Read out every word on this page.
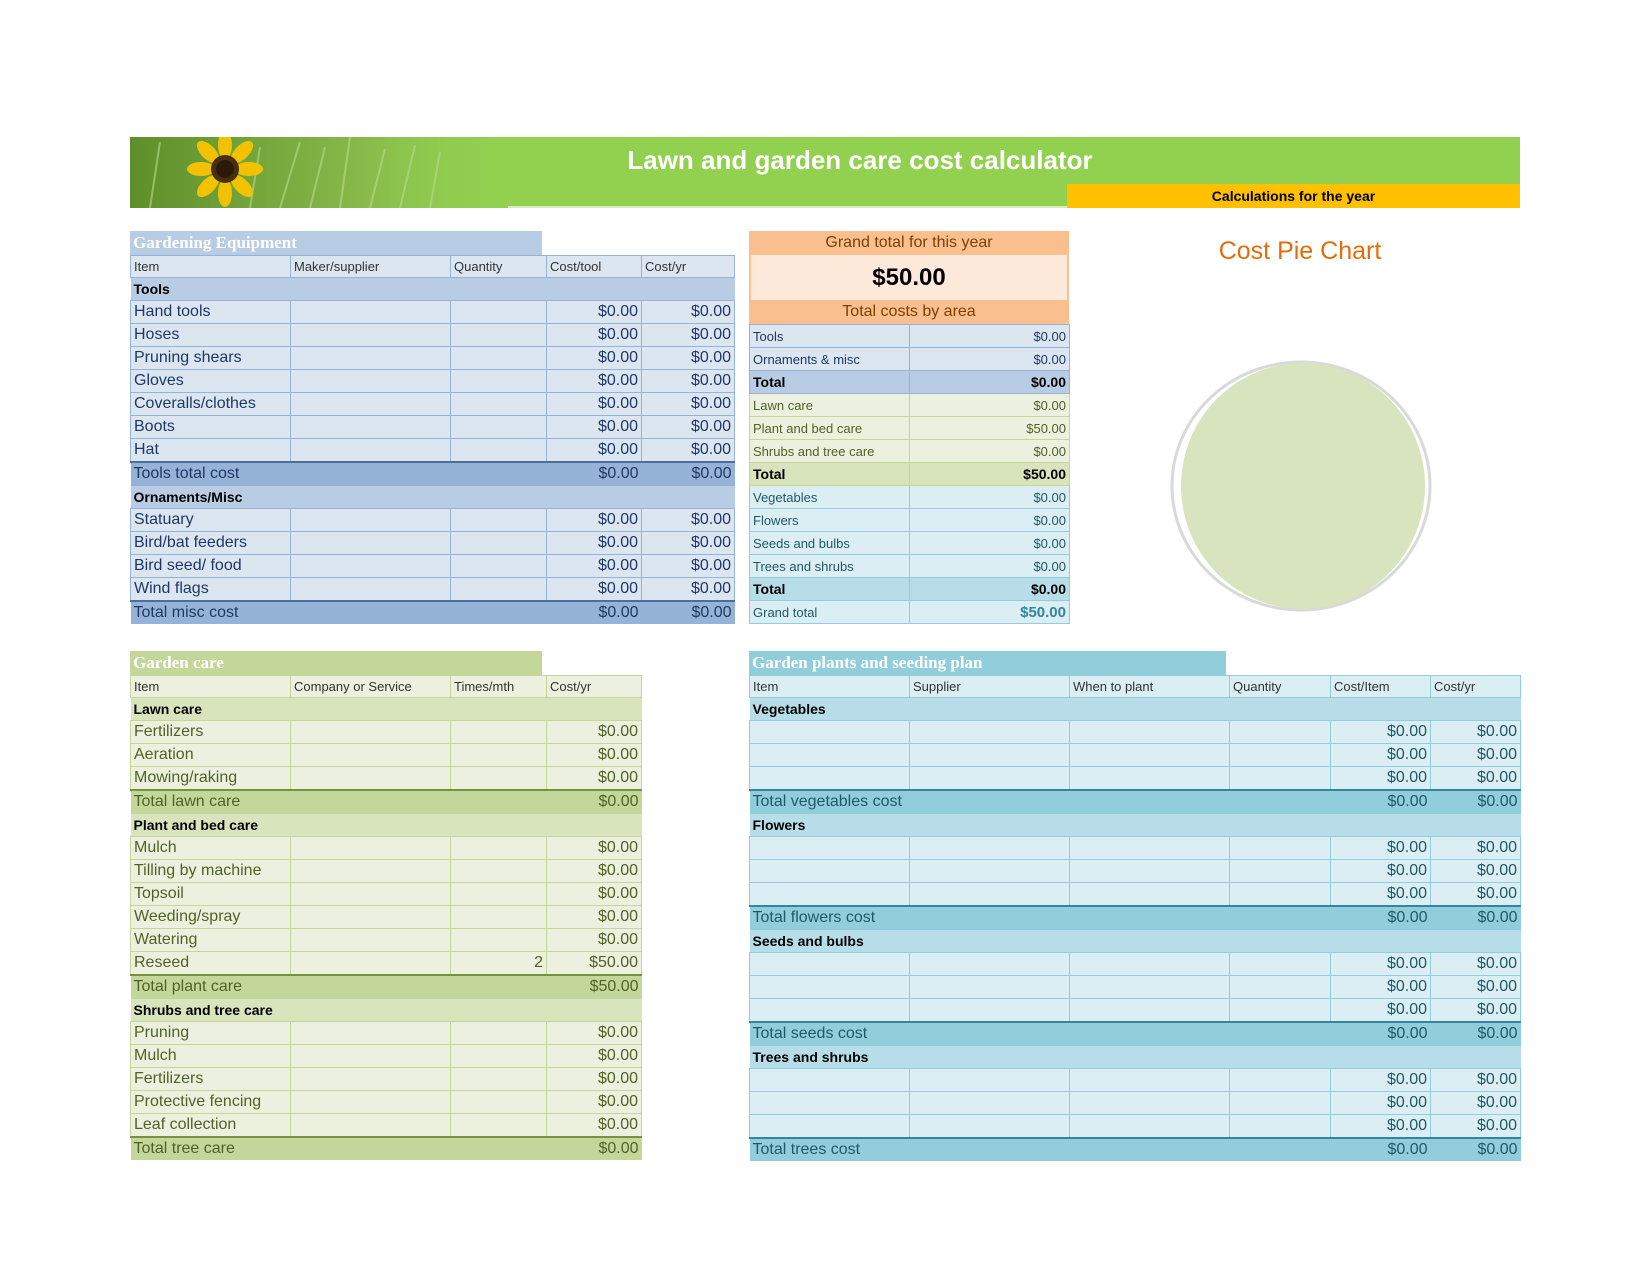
Lawn and garden care cost calculator
Calculations for the year
Gardening Equipment
Item	Maker/supplier	Quantity	Cost/tool	Cost/yr
Tools				
Hand tools			$0.00	$0.00
Hoses			$0.00	$0.00
Pruning shears			$0.00	$0.00
Gloves			$0.00	$0.00
Coveralls/clothes			$0.00	$0.00
Boots			$0.00	$0.00
Hat			$0.00	$0.00
Tools total cost			$0.00	$0.00
Ornaments/Misc				
Statuary			$0.00	$0.00
Bird/bat feeders			$0.00	$0.00
Bird seed/ food			$0.00	$0.00
Wind flags			$0.00	$0.00
Total misc cost			$0.00	$0.00
Grand total for this year
$50.00
Total costs by area
Tools	$0.00
Ornaments & misc	$0.00
Total	$0.00
Lawn care	$0.00
Plant and bed care	$50.00
Shrubs and tree care	$0.00
Total	$50.00
Vegetables	$0.00
Flowers	$0.00
Seeds and bulbs	$0.00
Trees and shrubs	$0.00
Total	$0.00
Grand total	$50.00
Cost Pie Chart
Garden care
Item	Company or Service	Times/mth	Cost/yr
Lawn care			
Fertilizers			$0.00
Aeration			$0.00
Mowing/raking			$0.00
Total lawn care			$0.00
Plant and bed care			
Mulch			$0.00
Tilling by machine			$0.00
Topsoil			$0.00
Weeding/spray			$0.00
Watering			$0.00
Reseed		2	$50.00
Total plant care			$50.00
Shrubs and tree care			
Pruning			$0.00
Mulch			$0.00
Fertilizers			$0.00
Protective fencing			$0.00
Leaf collection			$0.00
Total tree care			$0.00
Garden plants and seeding plan
Item	Supplier	When to plant	Quantity	Cost/Item	Cost/yr
Vegetables					
				$0.00	$0.00
				$0.00	$0.00
				$0.00	$0.00
Total vegetables cost				$0.00	$0.00
Flowers					
				$0.00	$0.00
				$0.00	$0.00
				$0.00	$0.00
Total flowers cost				$0.00	$0.00
Seeds and bulbs					
				$0.00	$0.00
				$0.00	$0.00
				$0.00	$0.00
Total seeds cost				$0.00	$0.00
Trees and shrubs					
				$0.00	$0.00
				$0.00	$0.00
				$0.00	$0.00
Total trees cost				$0.00	$0.00
